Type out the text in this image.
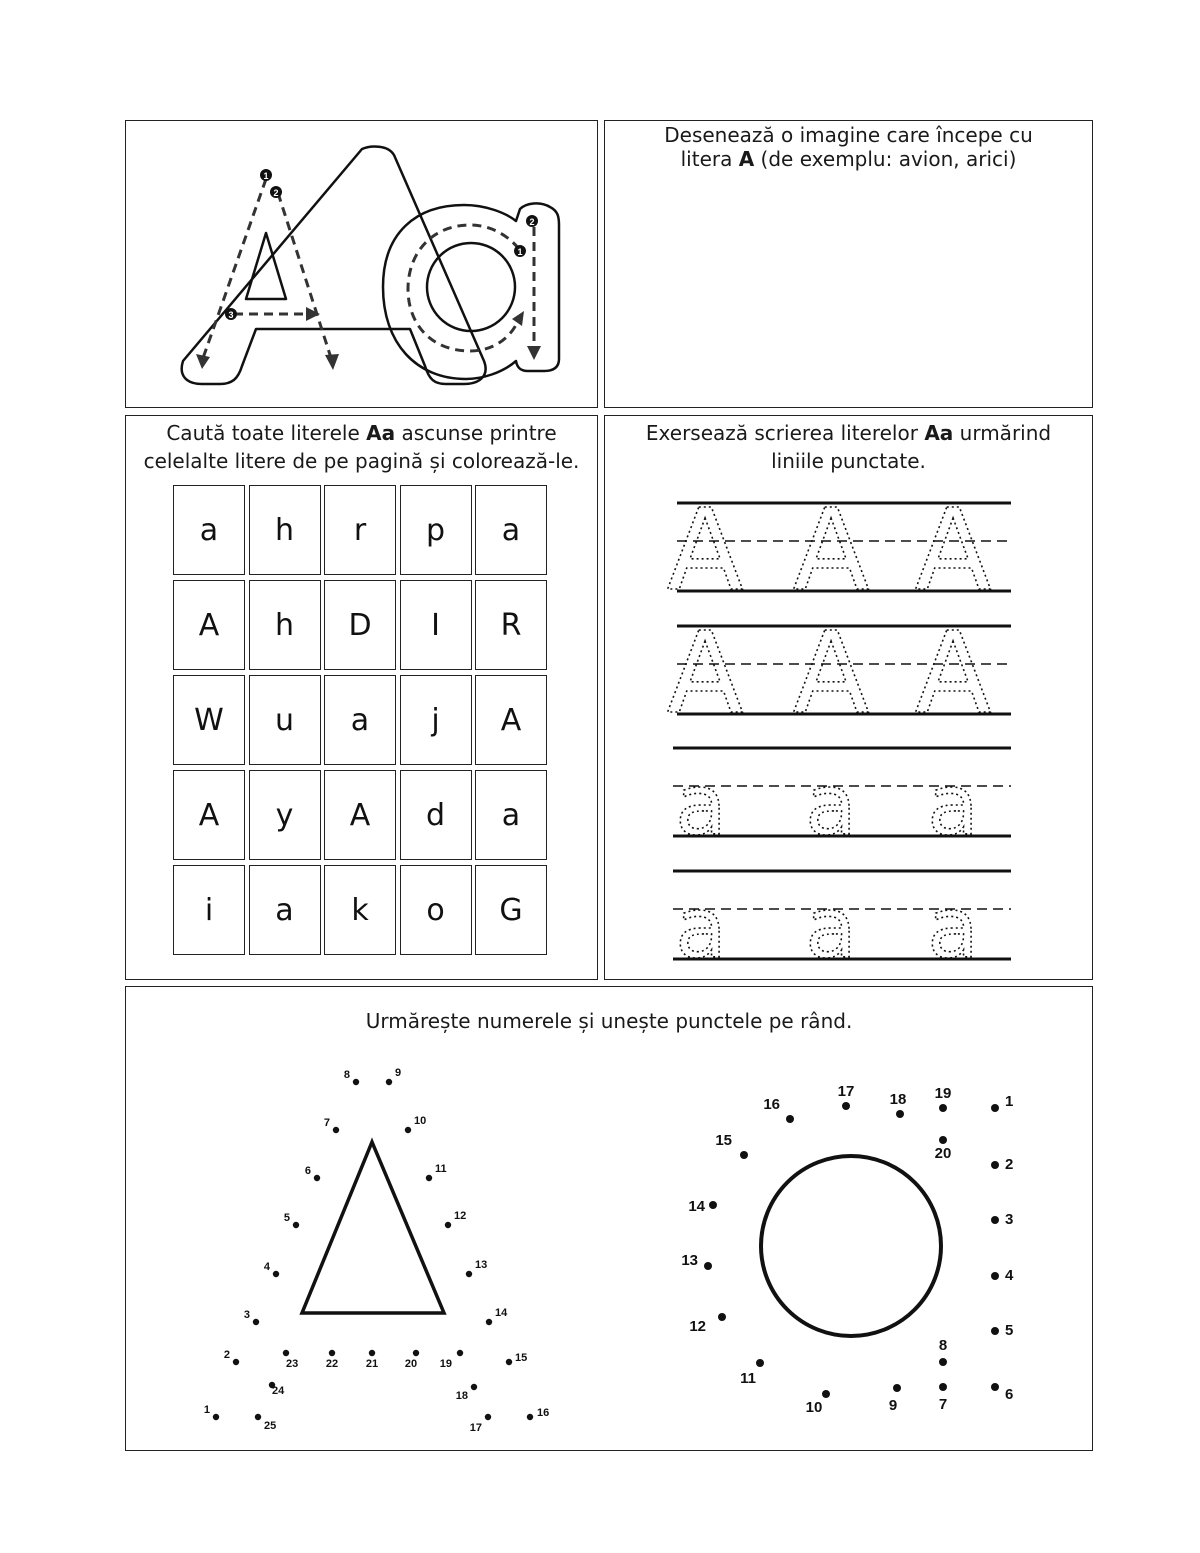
1
2
3
1
2
Desenează o imagine care începe cu litera A (de exemplu: avion, arici)
Caută toate literele Aa ascunse printre celelalte litere de pe pagină și colorează-le.
a	h	r	p	a
A	h	D	I	R
W	u	a	j	A
A	y	A	d	a
i	a	k	o	G
Exersează scrierea literelor Aa urmărind liniile punctate.
A A A
A A A
a a a
a a a
Urmărește numerele și unește punctele pe rând.
1
2
3
4
5
6
7
8	9
10
11
12
13
14
15
16
17
18
19
20
21
22
23
24
25
1
2
3
4
5
6
7
8
9
10
11
12
13
14
15
16
17 18 19
20
